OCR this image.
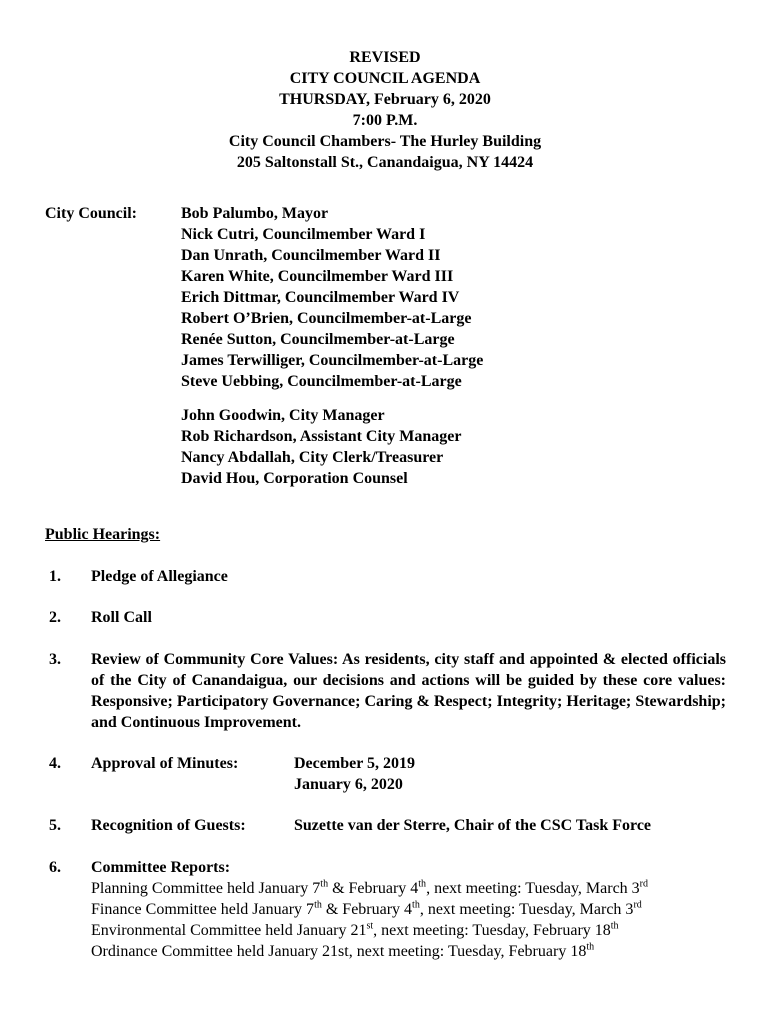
REVISED
CITY COUNCIL AGENDA
THURSDAY, February 6, 2020
7:00 P.M.
City Council Chambers- The Hurley Building
205 Saltonstall St., Canandaigua, NY 14424
City Council:	Bob Palumbo, Mayor
Nick Cutri, Councilmember Ward I
Dan Unrath, Councilmember Ward II
Karen White, Councilmember Ward III
Erich Dittmar, Councilmember Ward IV
Robert O’Brien, Councilmember-at-Large
Renée Sutton, Councilmember-at-Large
James Terwilliger, Councilmember-at-Large
Steve Uebbing, Councilmember-at-Large
John Goodwin, City Manager
Rob Richardson, Assistant City Manager
Nancy Abdallah, City Clerk/Treasurer
David Hou, Corporation Counsel
Public Hearings:
1. Pledge of Allegiance
2. Roll Call
3. Review of Community Core Values: As residents, city staff and appointed & elected officials of the City of Canandaigua, our decisions and actions will be guided by these core values: Responsive; Participatory Governance; Caring & Respect; Integrity; Heritage; Stewardship; and Continuous Improvement.
4. Approval of Minutes:	December 5, 2019
January 6, 2020
5. Recognition of Guests:	Suzette van der Sterre, Chair of the CSC Task Force
6. Committee Reports:
Planning Committee held January 7th & February 4th, next meeting: Tuesday, March 3rd
Finance Committee held January 7th & February 4th, next meeting: Tuesday, March 3rd
Environmental Committee held January 21st, next meeting: Tuesday, February 18th
Ordinance Committee held January 21st, next meeting: Tuesday, February 18th
